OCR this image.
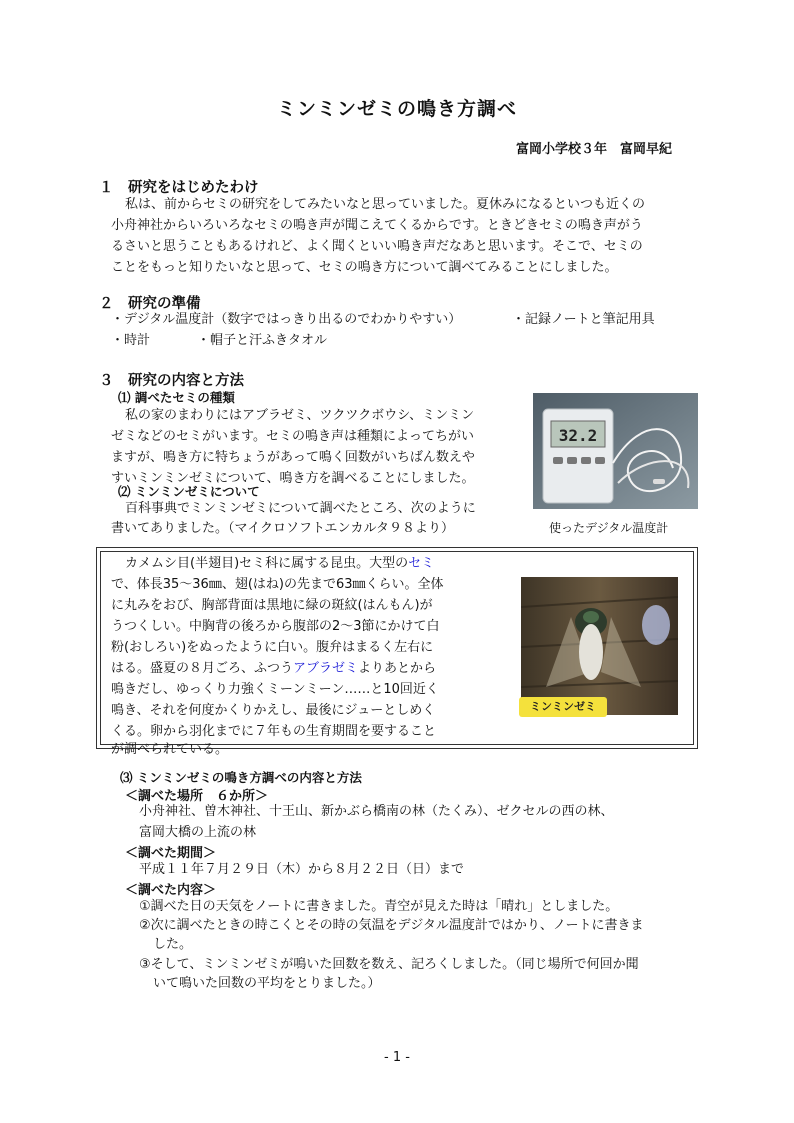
ミンミンゼミの鳴き方調べ
富岡小学校３年　富岡早紀
１　研究をはじめたわけ
私は、前からセミの研究をしてみたいなと思っていました。夏休みになるといつも近くの
小舟神社からいろいろなセミの鳴き声が聞こえてくるからです。ときどきセミの鳴き声がう
るさいと思うこともあるけれど、よく聞くといい鳴き声だなあと思います。そこで、セミの
ことをもっと知りたいなと思って、セミの鳴き方について調べてみることにしました。
２　研究の準備
・デジタル温度計（数字ではっきり出るのでわかりやすい）	・記録ノートと筆記用具
・時計	・帽子と汗ふきタオル
３　研究の内容と方法
⑴ 調べたセミの種類
私の家のまわりにはアブラゼミ、ツクツクボウシ、ミンミン
ゼミなどのセミがいます。セミの鳴き声は種類によってちがい
ますが、鳴き方に特ちょうがあって鳴く回数がいちばん数えや
すいミンミンゼミについて、鳴き方を調べることにしました。
⑵ ミンミンゼミについて
百科事典でミンミンゼミについて調べたところ、次のように
書いてありました。（マイクロソフトエンカルタ９８より）
32.2
使ったデジタル温度計
カメムシ目(半翅目)セミ科に属する昆虫。大型のセミ
で、体長35～36㎜、翅(はね)の先まで63㎜くらい。全体
に丸みをおび、胸部背面は黒地に緑の斑紋(はんもん)が
うつくしい。中胸背の後ろから腹部の2～3節にかけて白
粉(おしろい)をぬったように白い。腹弁はまるく左右に
はる。盛夏の８月ごろ、ふつうアブラゼミよりあとから
鳴きだし、ゆっくり力強くミーンミーン……と10回近く
鳴き、それを何度かくりかえし、最後にジューとしめく
くる。卵から羽化までに７年もの生育期間を要すること
が調べられている。
ミンミンゼミ
⑶ ミンミンゼミの鳴き方調べの内容と方法
＜調べた場所　６か所＞
小舟神社、曽木神社、十王山、新かぶら橋南の林（たくみ）、ゼクセルの西の林、
富岡大橋の上流の林
＜調べた期間＞
平成１１年７月２９日（木）から８月２２日（日）まで
＜調べた内容＞
①調べた日の天気をノートに書きました。青空が見えた時は「晴れ」としました。
②次に調べたときの時こくとその時の気温をデジタル温度計ではかり、ノートに書きま
した。
③そして、ミンミンゼミが鳴いた回数を数え、記ろくしました。（同じ場所で何回か聞
いて鳴いた回数の平均をとりました。）
- 1 -
